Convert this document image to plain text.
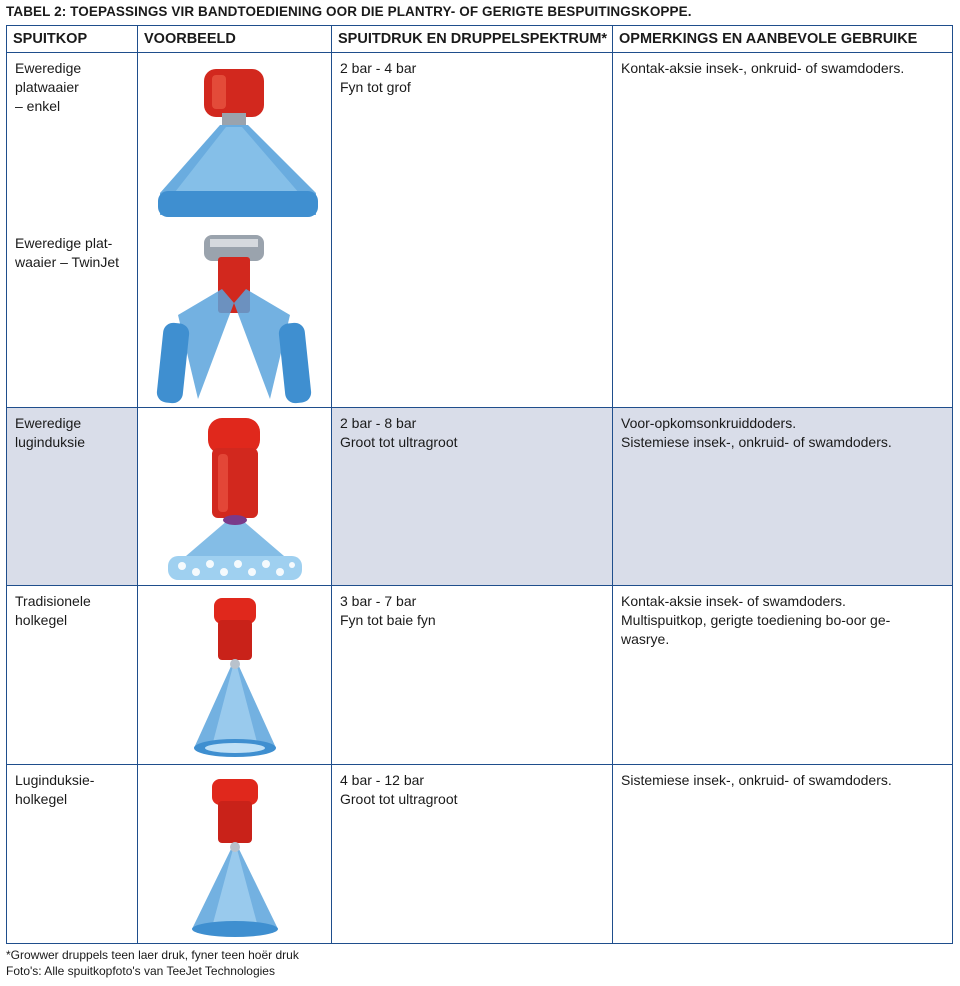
TABEL 2: TOEPASSINGS VIR BANDTOEDIENING OOR DIE PLANTRY- OF GERIGTE BESPUITINGSKOPPE.
SPUITKOP	VOORBEELD	SPUITDRUK EN DRUPPELSPEKTRUM*	OPMERKINGS EN AANBEVOLE GEBRUIKE
Eweredige
platwaaier
– enkel
Eweredige plat-
waaier – TwinJet		2 bar - 4 bar
Fyn tot grof	Kontak-aksie insek-, onkruid- of swamdoders.

Eweredige
luginduksie		2 bar - 8 bar
Groot tot ultragroot	Voor-opkomsonkruiddoders.
Sistemiese insek-, onkruid- of swamdoders.

Tradisionele
holkegel		3 bar - 7 bar
Fyn tot baie fyn	Kontak-aksie insek- of swamdoders.
Multispuitkop, gerigte toediening bo-oor ge-
wasrye.

Luginduksie-
holkegel		4 bar - 12 bar
Groot tot ultragroot	Sistemiese insek-, onkruid- of swamdoders.
*Growwer druppels teen laer druk, fyner teen hoër druk
Foto's: Alle spuitkopfoto's van TeeJet Technologies
